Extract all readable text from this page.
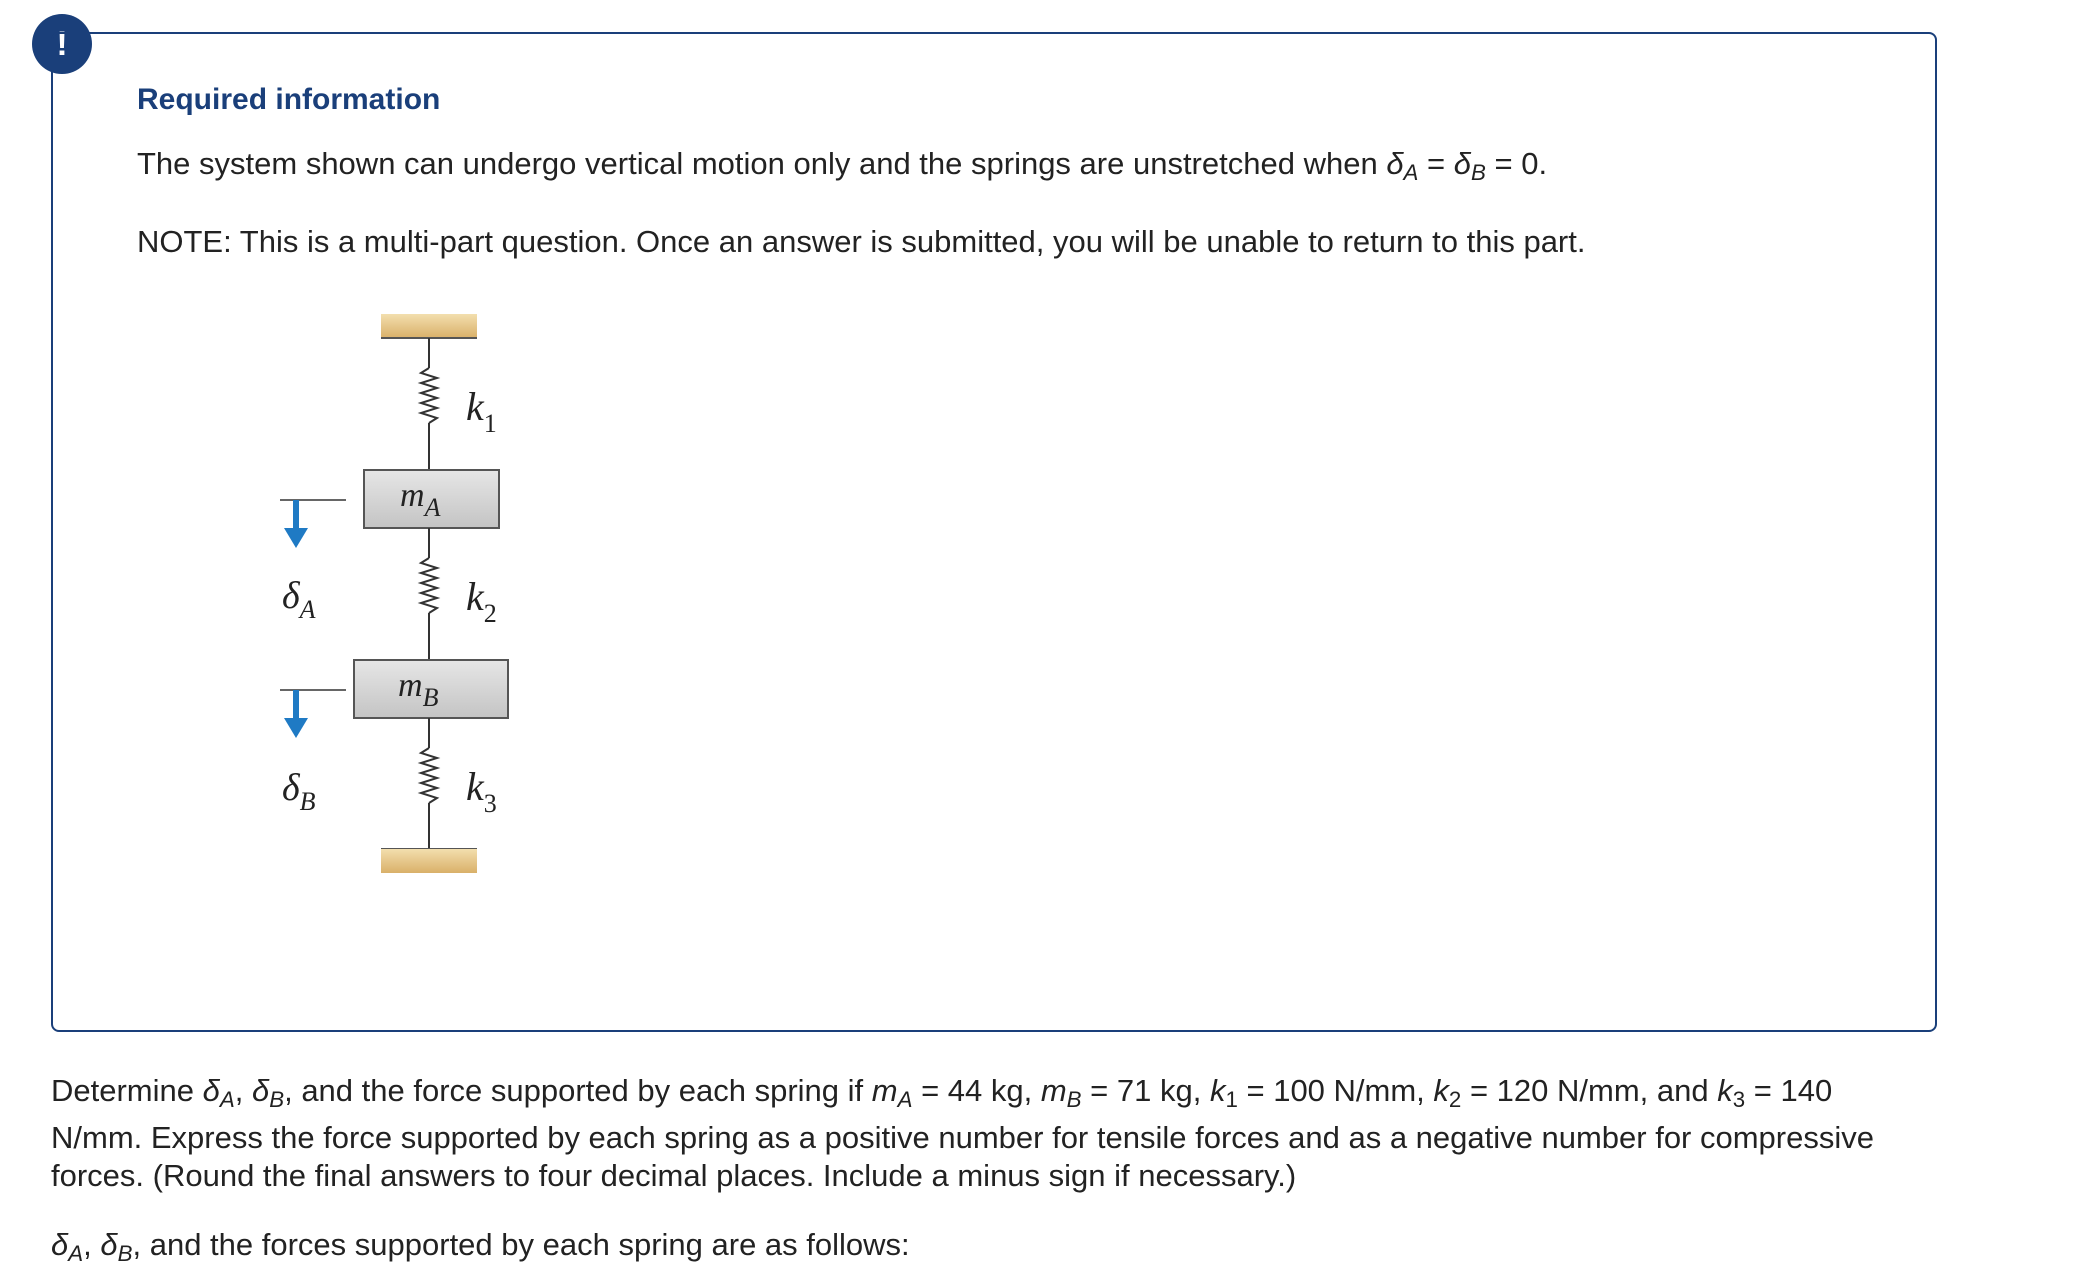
!
Required information
The system shown can undergo vertical motion only and the springs are unstretched when $\delta_A = \delta_B = 0$.
NOTE: This is a multi-part question. Once an answer is submitted, you will be unable to return to this part.
$k_1$
$m_A$
$k_2$
$m_B$
$k_3$
$\delta_A$
$\delta_B$
Determine $\delta_A$, $\delta_B$, and the force supported by each spring if $m_A = 44$ kg, $m_B = 71$ kg, $k_1 = 100$ N/mm, $k_2 = 120$ N/mm, and $k_3 = 140$
N/mm. Express the force supported by each spring as a positive number for tensile forces and as a negative number for compressive forces. (Round the final answers to four decimal places. Include a minus sign if necessary.)
$\delta_A$, $\delta_B$, and the forces supported by each spring are as follows:
